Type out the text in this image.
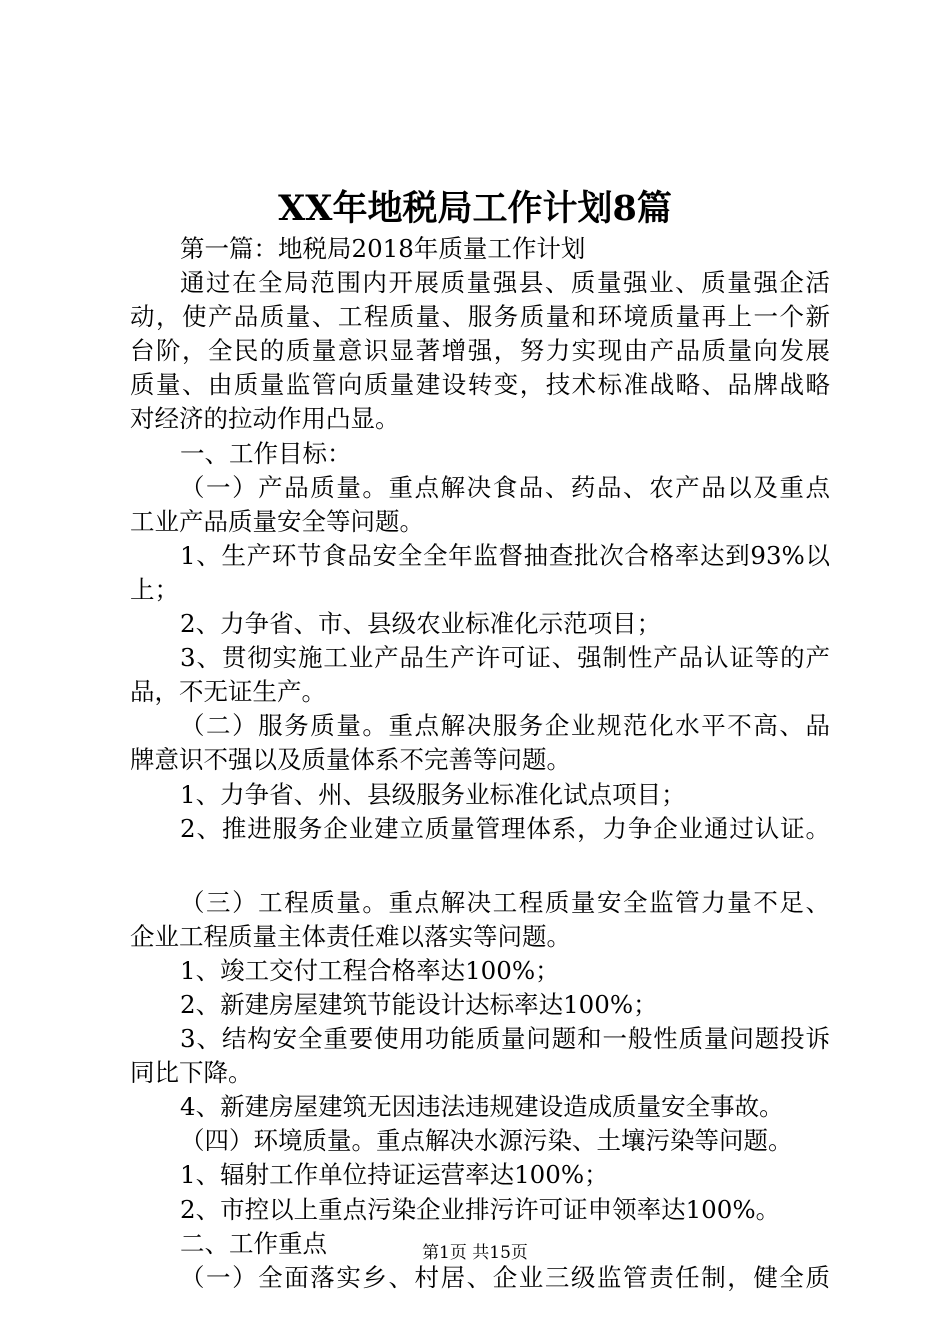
XX年地税局工作计划8篇
第一篇：地税局2018年质量工作计划
通过在全局范围内开展质量强县、质量强业、质量强企活
动，使产品质量、工程质量、服务质量和环境质量再上一个新
台阶，全民的质量意识显著增强，努力实现由产品质量向发展
质量、由质量监管向质量建设转变，技术标准战略、品牌战略
对经济的拉动作用凸显。
一、工作目标：
（一）产品质量。重点解决食品、药品、农产品以及重点
工业产品质量安全等问题。
1、生产环节食品安全全年监督抽查批次合格率达到93%以
上；
2、力争省、市、县级农业标准化示范项目；
3、贯彻实施工业产品生产许可证、强制性产品认证等的产
品，不无证生产。
（二）服务质量。重点解决服务企业规范化水平不高、品
牌意识不强以及质量体系不完善等问题。
1、力争省、州、县级服务业标准化试点项目；
2、推进服务企业建立质量管理体系，力争企业通过认证。
（三）工程质量。重点解决工程质量安全监管力量不足、
企业工程质量主体责任难以落实等问题。
1、竣工交付工程合格率达100%；
2、新建房屋建筑节能设计达标率达100%；
3、结构安全重要使用功能质量问题和一般性质量问题投诉
同比下降。
4、新建房屋建筑无因违法违规建设造成质量安全事故。
（四）环境质量。重点解决水源污染、土壤污染等问题。
1、辐射工作单位持证运营率达100%；
2、市控以上重点污染企业排污许可证申领率达100%。
二、工作重点
（一）全面落实乡、村居、企业三级监管责任制，健全质
第1页 共15页
